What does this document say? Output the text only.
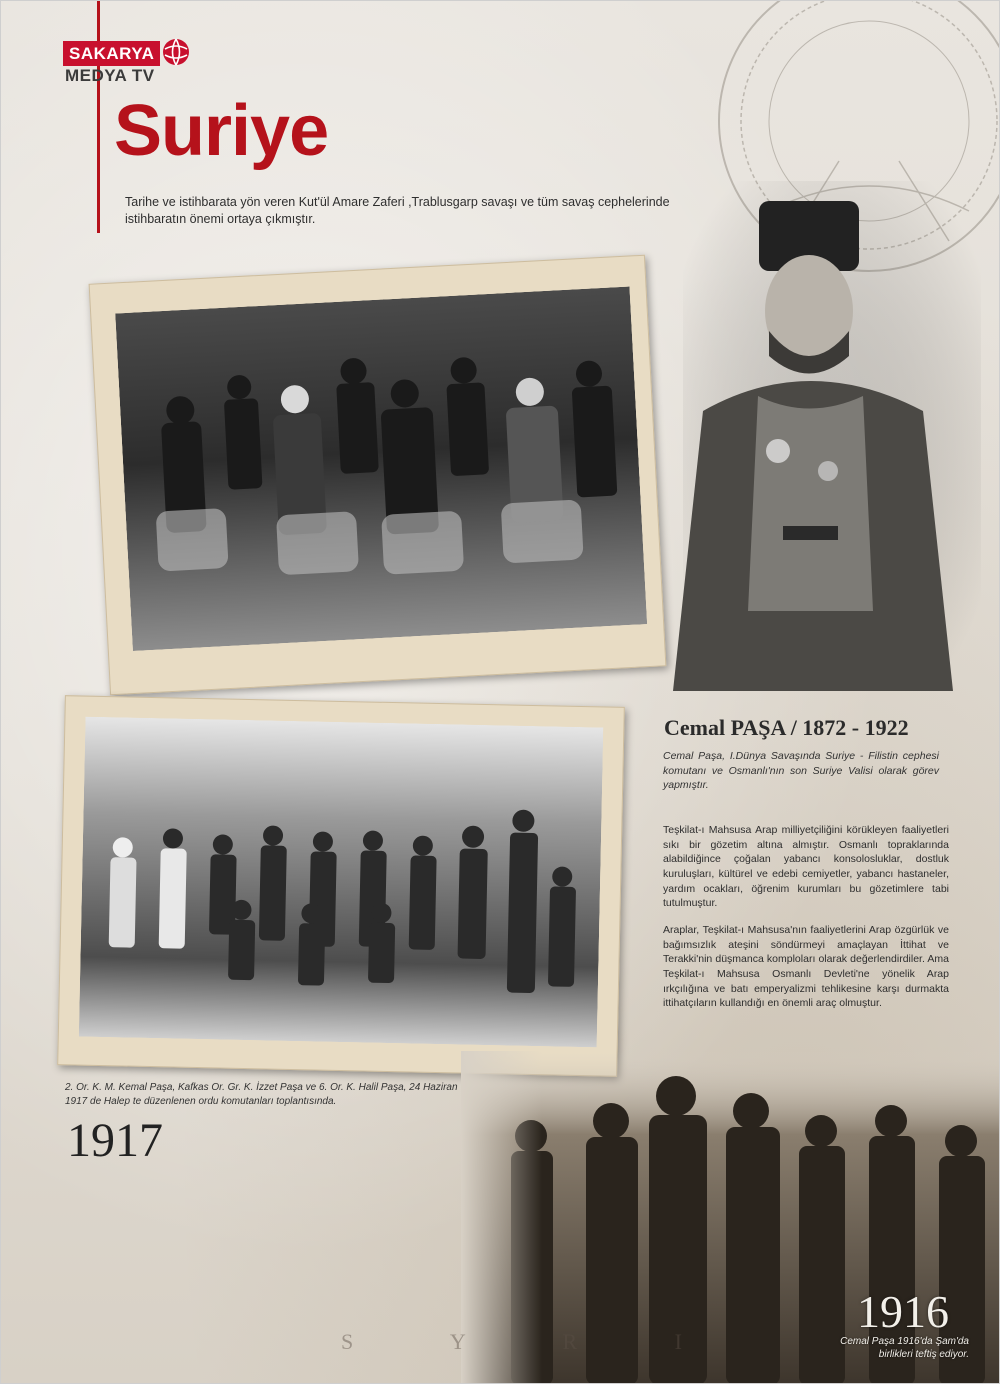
SAKARYA
MEDYA TV
Suriye
Tarihe ve istihbarata yön veren Kut'ül Amare Zaferi ,Trablusgarp savaşı ve tüm savaş cephelerinde istihbaratın önemi ortaya çıkmıştır.
Cemal PAŞA / 1872 - 1922
Cemal Paşa, I.Dünya Savaşında Suriye - Filistin cephesi komutanı ve Osmanlı'nın son Suriye Valisi olarak görev yapmıştır.
Teşkilat-ı Mahsusa Arap milliyetçiliğini körükleyen faaliyetleri sıkı bir gözetim altına almıştır. Osmanlı topraklarında alabildiğince çoğalan yabancı konsolosluklar, dostluk kuruluşları, kültürel ve edebi cemiyetler, yabancı hastaneler, yardım ocakları, öğrenim kurumları bu gözetimlere tabi tutulmuştur.
Araplar, Teşkilat-ı Mahsusa'nın faaliyetlerini Arap özgürlük ve bağımsızlık ateşini söndürmeyi amaçlayan İttihat ve Terakki'nin düşmanca komploları olarak değerlendirdiler. Ama Teşkilat-ı Mahsusa Osmanlı Devleti'ne yönelik Arap ırkçılığına ve batı emperyalizmi tehlikesine karşı durmakta ittihatçıların kullandığı en önemli araç olmuştur.
2. Or. K. M. Kemal Paşa, Kafkas Or. Gr. K. İzzet Paşa ve 6. Or. K. Halil Paşa, 24 Haziran 1917 de Halep te düzenlenen ordu komutanları toplantısında.
1917
S Y R I
1916
Cemal Paşa 1916'da Şam'da birlikleri teftiş ediyor.
